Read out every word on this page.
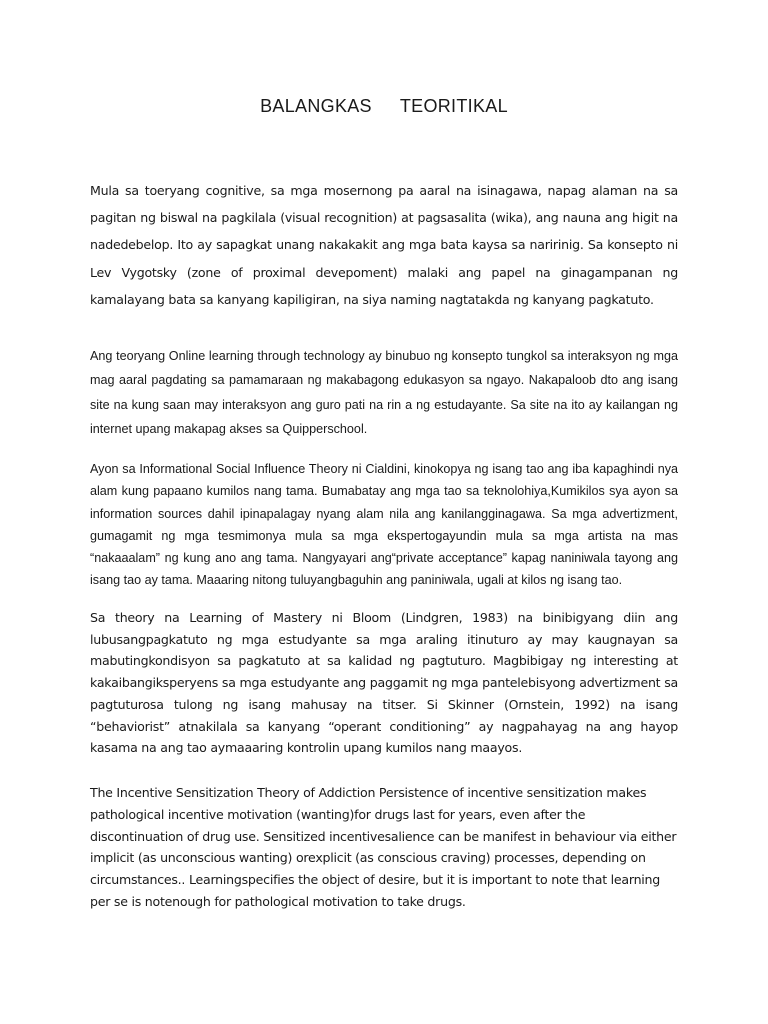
BALANGKAS TEORITIKAL

Mula sa toeryang cognitive, sa mga mosernong pa aaral na isinagawa, napag alaman na sa pagitan ng biswal na pagkilala (visual recognition) at pagsasalita (wika), ang nauna ang higit na nadedebelop. Ito ay sapagkat unang nakakakit ang mga bata kaysa sa naririnig. Sa konsepto ni Lev Vygotsky (zone of proximal devepoment) malaki ang papel na ginagampanan ng kamalayang bata sa kanyang kapiligiran, na siya naming nagtatakda ng kanyang pagkatuto.

Ang teoryang Online learning through technology ay binubuo ng konsepto tungkol sa interaksyon ng mga mag aaral pagdating sa pamamaraan ng makabagong edukasyon sa ngayo. Nakapaloob dto ang isang site na kung saan may interaksyon ang guro pati na rin a ng estudayante. Sa site na ito ay kailangan ng internet upang makapag akses sa Quipperschool.

Ayon sa Informational Social Influence Theory ni Cialdini, kinokopya ng isang tao ang iba kapaghindi nya alam kung papaano kumilos nang tama. Bumabatay ang mga tao sa teknolohiya,Kumikilos sya ayon sa information sources dahil ipinapalagay nyang alam nila ang kanilangginagawa. Sa mga advertizment, gumagamit ng mga tesmimonya mula sa mga ekspertogayundin mula sa mga artista na mas “nakaaalam” ng kung ano ang tama. Nangyayari ang“private acceptance” kapag naniniwala tayong ang isang tao ay tama. Maaaring nitong tuluyangbaguhin ang paniniwala, ugali at kilos ng isang tao.

Sa theory na Learning of Mastery ni Bloom (Lindgren, 1983) na binibigyang diin ang lubusangpagkatuto ng mga estudyante sa mga araling itinuturo ay may kaugnayan sa mabutingkondisyon sa pagkatuto at sa kalidad ng pagtuturo. Magbibigay ng interesting at kakaibangiksperyens sa mga estudyante ang paggamit ng mga pantelebisyong advertizment sa pagtuturosa tulong ng isang mahusay na titser. Si Skinner (Ornstein, 1992) na isang “behaviorist” atnakilala sa kanyang “operant conditioning” ay nagpahayag na ang hayop kasama na ang tao aymaaaring kontrolin upang kumilos nang maayos.

The Incentive Sensitization Theory of Addiction Persistence of incentive sensitization makes pathological incentive motivation (wanting)for drugs last for years, even after the discontinuation of drug use. Sensitized incentivesalience can be manifest in behaviour via either implicit (as unconscious wanting) orexplicit (as conscious craving) processes, depending on circumstances.. Learningspecifies the object of desire, but it is important to note that learning per se is notenough for pathological motivation to take drugs.
